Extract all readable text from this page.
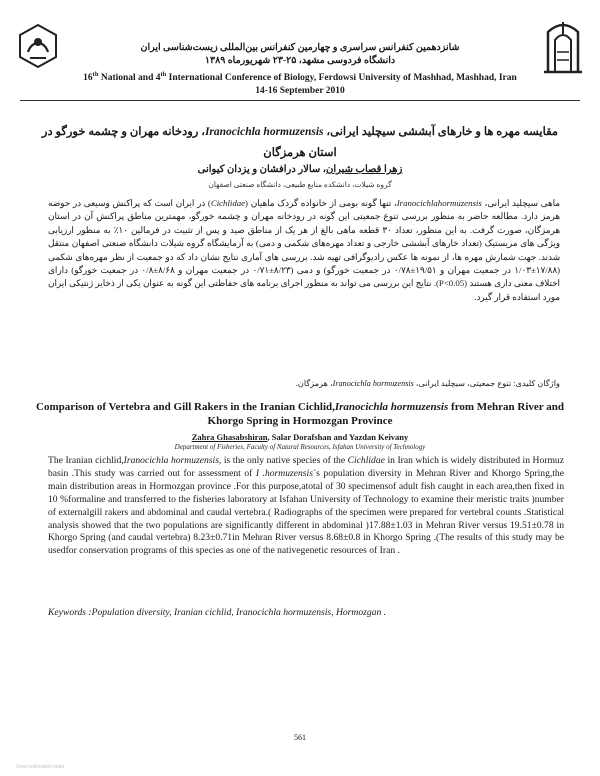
شانزدهمین کنفرانس سراسری و چهارمین کنفرانس بین‌المللی زیست‌شناسی ایران
دانشگاه فردوسی مشهد، ۲۵-۲۳ شهریورماه ۱۳۸۹
16th National and 4th International Conference of Biology, Ferdowsi University of Mashhad, Mashhad, Iran
14-16 September 2010
مقایسه مهره ها و خارهای آبششی سیچلید ایرانی، Iranocichla hormuzensis، رودخانه مهران و چشمه خورگو در استان هرمزگان
زهرا قصاب شیران، سالار درافشان و یزدان کیوانی
گروه شیلات، دانشکده منابع طبیعی، دانشگاه صنعتی اصفهان
ماهی سیچلید ایرانی، Iranocichlahormuzensis، تنها گونه بومی از خانواده گردک ماهیان (Cichlidae) در ایران است که پراکنش وسیعی در حوضه هرمز دارد. مطالعه حاضر به منظور بررسی تنوع جمعیتی این گونه در رودخانه مهران و چشمه خورگو، مهمترین مناطق پراکنش آن در استان هرمزگان، صورت گرفت. به این منظور، تعداد ۳۰ قطعه ماهی بالغ از هر یک از مناطق صید و پس از تثبیت در فرمالین ۱۰٪ به منظور ارزیابی ویژگی های مریستیک (تعداد خارهای آبششی خارجی و تعداد مهره‌های شکمی و دمی) به آزمایشگاه گروه شیلات دانشگاه صنعتی اصفهان منتقل شدند. جهت شمارش مهره ها، از نمونه ها عکس رادیوگرافی تهیه شد. بررسی های آماری نتایج نشان داد که دو جمعیت از نظر مهره‌های شکمی (۱۷/۸۸±۱/۰۳ در جمعیت مهران و ۱۹/۵۱±۰/۷۸ در جمعیت خورگو) و دمی (۸/۲۳±۰/۷۱ در جمعیت مهران و ۸/۶۸±۰/۸ در جمعیت خورگو) دارای اختلاف معنی داری هستند (P<0.05). نتایج این بررسی می تواند به منظور اجرای برنامه های حفاظتی این گونه به عنوان یکی از ذخایر ژنتیکی ایران مورد استفاده قرار گیرد.
واژگان کلیدی: تنوع جمعیتی، سیچلید ایرانی، Iranocichla hormuzensis، هرمزگان.
Comparison of Vertebra and Gill Rakers in the Iranian Cichlid,Iranocichla hormuzensis from Mehran River and Khorgo Spring in Hormozgan Province
Zahra Ghasabshiran, Salar Dorafshan and Yazdan Keivany
Department of Fisheries, Faculty of Natural Resources, Isfahan University of Technology
The Iranian cichlid,Iranocichla hormuzensis, is the only native species of the Cichlidae in Iran which is widely distributed in Hormuz basin .This study was carried out for assessment of I .hormuzensis`s population diversity in Mehran River and Khorgo Spring,the main distribution areas in Hormozgan province .For this purpose,atotal of 30 specimensof adult fish caught in each area,then fixed in 10 %formaline and transferred to the fisheries laboratory at Isfahan University of Technology to examine their meristic traits )number of externalgill rakers and abdominal and caudal vertebra.( Radiographs of the specimen were prepared for vertebral counts .Statistical analysis showed that the two populations are significantly different in abdominal )17.88±1.03 in Mehran River versus 19.51±0.78 in Khorgo Spring (and caudal vertebra) 8.23±0.71in Mehran River versus 8.68±0.8 in Khorgo Spring .(The results of this study may be usedfor conservation programs of this species as one of the nativegenetic resources of Iran .
Keywords :Population diversity, Iranian cichlid, Iranocichla hormuzensis, Hormozgan .
561
View publication stats
